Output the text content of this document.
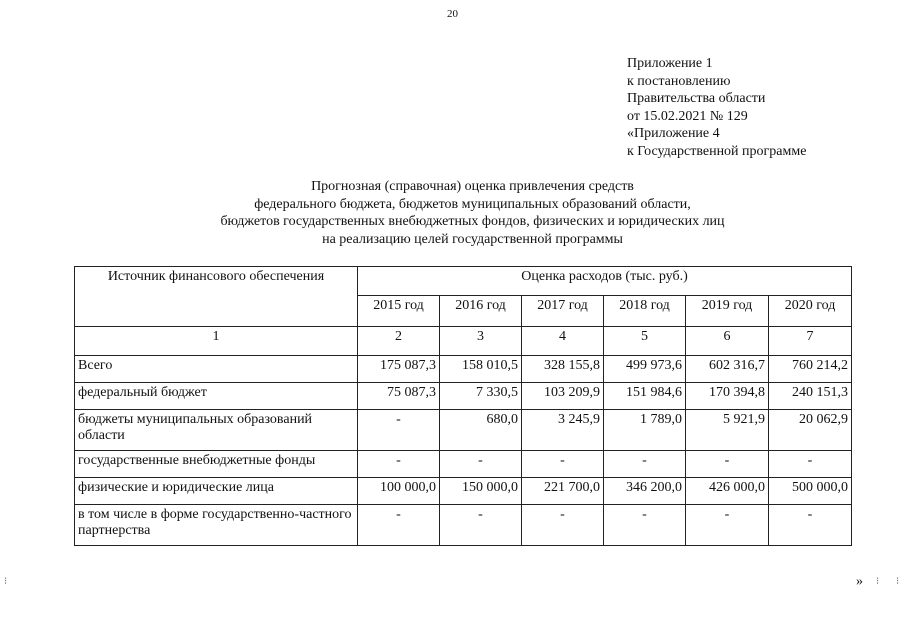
20
Приложение 1
к постановлению
Правительства области
от 15.02.2021 № 129
«Приложение 4
к Государственной программе
Прогнозная (справочная) оценка привлечения средств
федерального бюджета, бюджетов муниципальных образований области,
бюджетов государственных внебюджетных фондов, физических и юридических лиц
на реализацию целей государственной программы
Источник финансового обеспечения	Оценка расходов (тыс. руб.)					
	2015 год	2016 год	2017 год	2018 год	2019 год	2020 год
1	2	3	4	5	6	7
Всего	175 087,3	158 010,5	328 155,8	499 973,6	602 316,7	760 214,2
федеральный бюджет	75 087,3	7 330,5	103 209,9	151 984,6	170 394,8	240 151,3
бюджеты муниципальных образований области	-	680,0	3 245,9	1 789,0	5 921,9	20 062,9
государственные внебюджетные фонды	-	-	-	-	-	-
физические и юридические лица	100 000,0	150 000,0	221 700,0	346 200,0	426 000,0	500 000,0
в том числе в форме государственно-частного партнерства	-	-	-	-	-	-
»
⁝	⁝ ⁝
